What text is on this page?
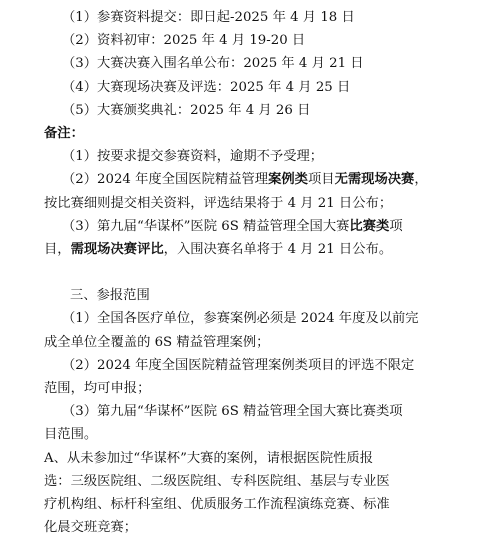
（1）参赛资料提交：即日起-2025 年 4 月 18 日

（2）资料初审：2025 年 4 月 19-20 日

（3）大赛决赛入围名单公布：2025 年 4 月 21 日

（4）大赛现场决赛及评选：2025 年 4 月 25 日

（5）大赛颁奖典礼：2025 年 4 月 26 日

备注：

（1）按要求提交参赛资料，逾期不予受理；

（2）2024 年度全国医院精益管理案例类项目无需现场决赛，

按比赛细则提交相关资料，评选结果将于 4 月 21 日公布；

（3）第九届“华谋杯”医院 6S 精益管理全国大赛比赛类项

目，需现场决赛评比，入围决赛名单将于 4 月 21 日公布。

三、参报范围

（1）全国各医疗单位，参赛案例必须是 2024 年度及以前完

成全单位全覆盖的 6S 精益管理案例；

（2）2024 年度全国医院精益管理案例类项目的评选不限定

范围，均可申报；

（3）第九届“华谋杯”医院 6S 精益管理全国大赛比赛类项

目范围。

A、从未参加过“华谋杯”大赛的案例，请根据医院性质报

选：三级医院组、二级医院组、专科医院组、基层与专业医

疗机构组、标杆科室组、优质服务工作流程演练竞赛、标准

化晨交班竞赛；
